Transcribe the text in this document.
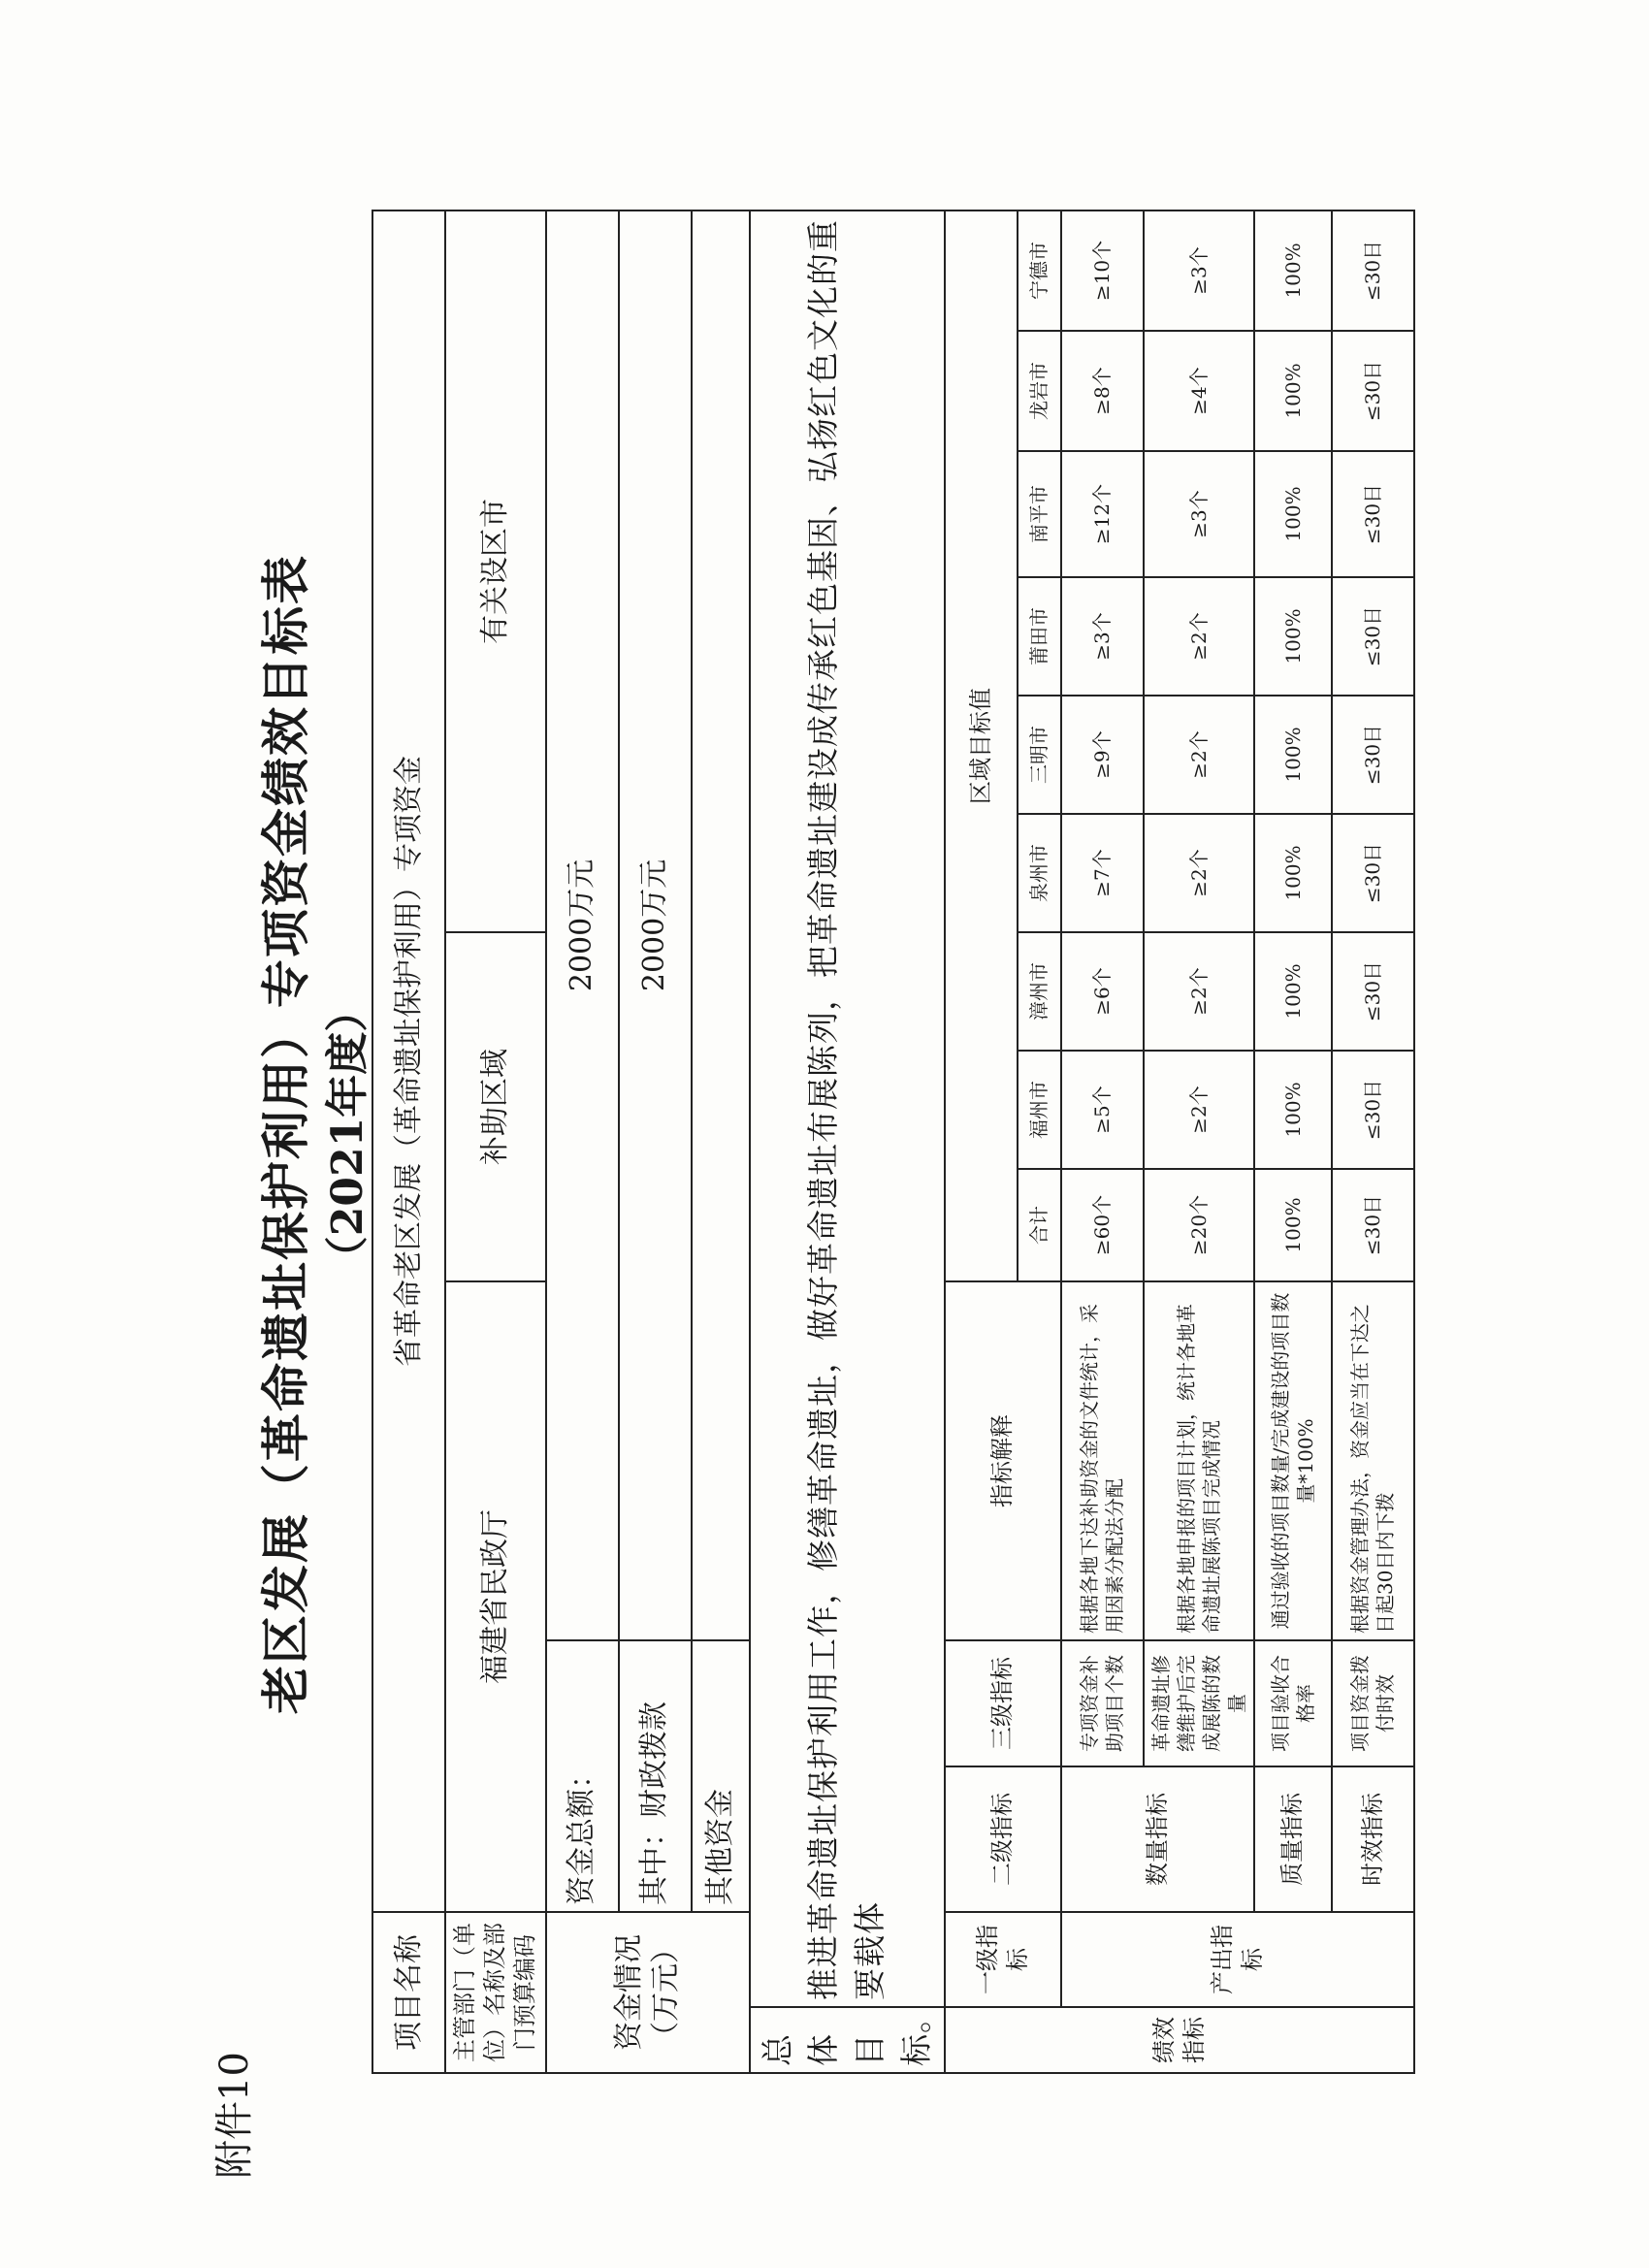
附件10
老区发展（革命遗址保护利用）专项资金绩效目标表 （2021年度）
项目名称		省革命老区发展（革命遗址保护利用）专项资金											
主管部门（单位）名称及部门预算编码		福建省民政厅			补助区域			有关设区市					
资金情况（万元）		资金总额：		2000万元									
		其中：财政拨款		2000万元									
		其他资金											
总体目标。	推进革命遗址保护利用工作，修缮革命遗址，做好革命遗址布展陈列，把革命遗址建设成传承红色基因、弘扬红色文化的重要载体												
绩效指标	一级指标	二级指标	三级指标	指标解释	区域目标值								
					合计	福州市	漳州市	泉州市	三明市	莆田市	南平市	龙岩市	宁德市
	产出指标	数量指标	专项资金补助项目个数	根据各地下达补助资金的文件统计，采用因素分配法分配	≥60个	≥5个	≥6个	≥7个	≥9个	≥3个	≥12个	≥8个	≥10个
			革命遗址修缮维护后完成展陈的数量	根据各地申报的项目计划，统计各地革命遗址展陈项目完成情况	≥20个	≥2个	≥2个	≥2个	≥2个	≥2个	≥3个	≥4个	≥3个
		质量指标	项目验收合格率	通过验收的项目数量/完成建设的项目数量*100%	100%	100%	100%	100%	100%	100%	100%	100%	100%
		时效指标	项目资金拨付时效	根据资金管理办法，资金应当在下达之日起30日内下拨	≤30日	≤30日	≤30日	≤30日	≤30日	≤30日	≤30日	≤30日	≤30日
